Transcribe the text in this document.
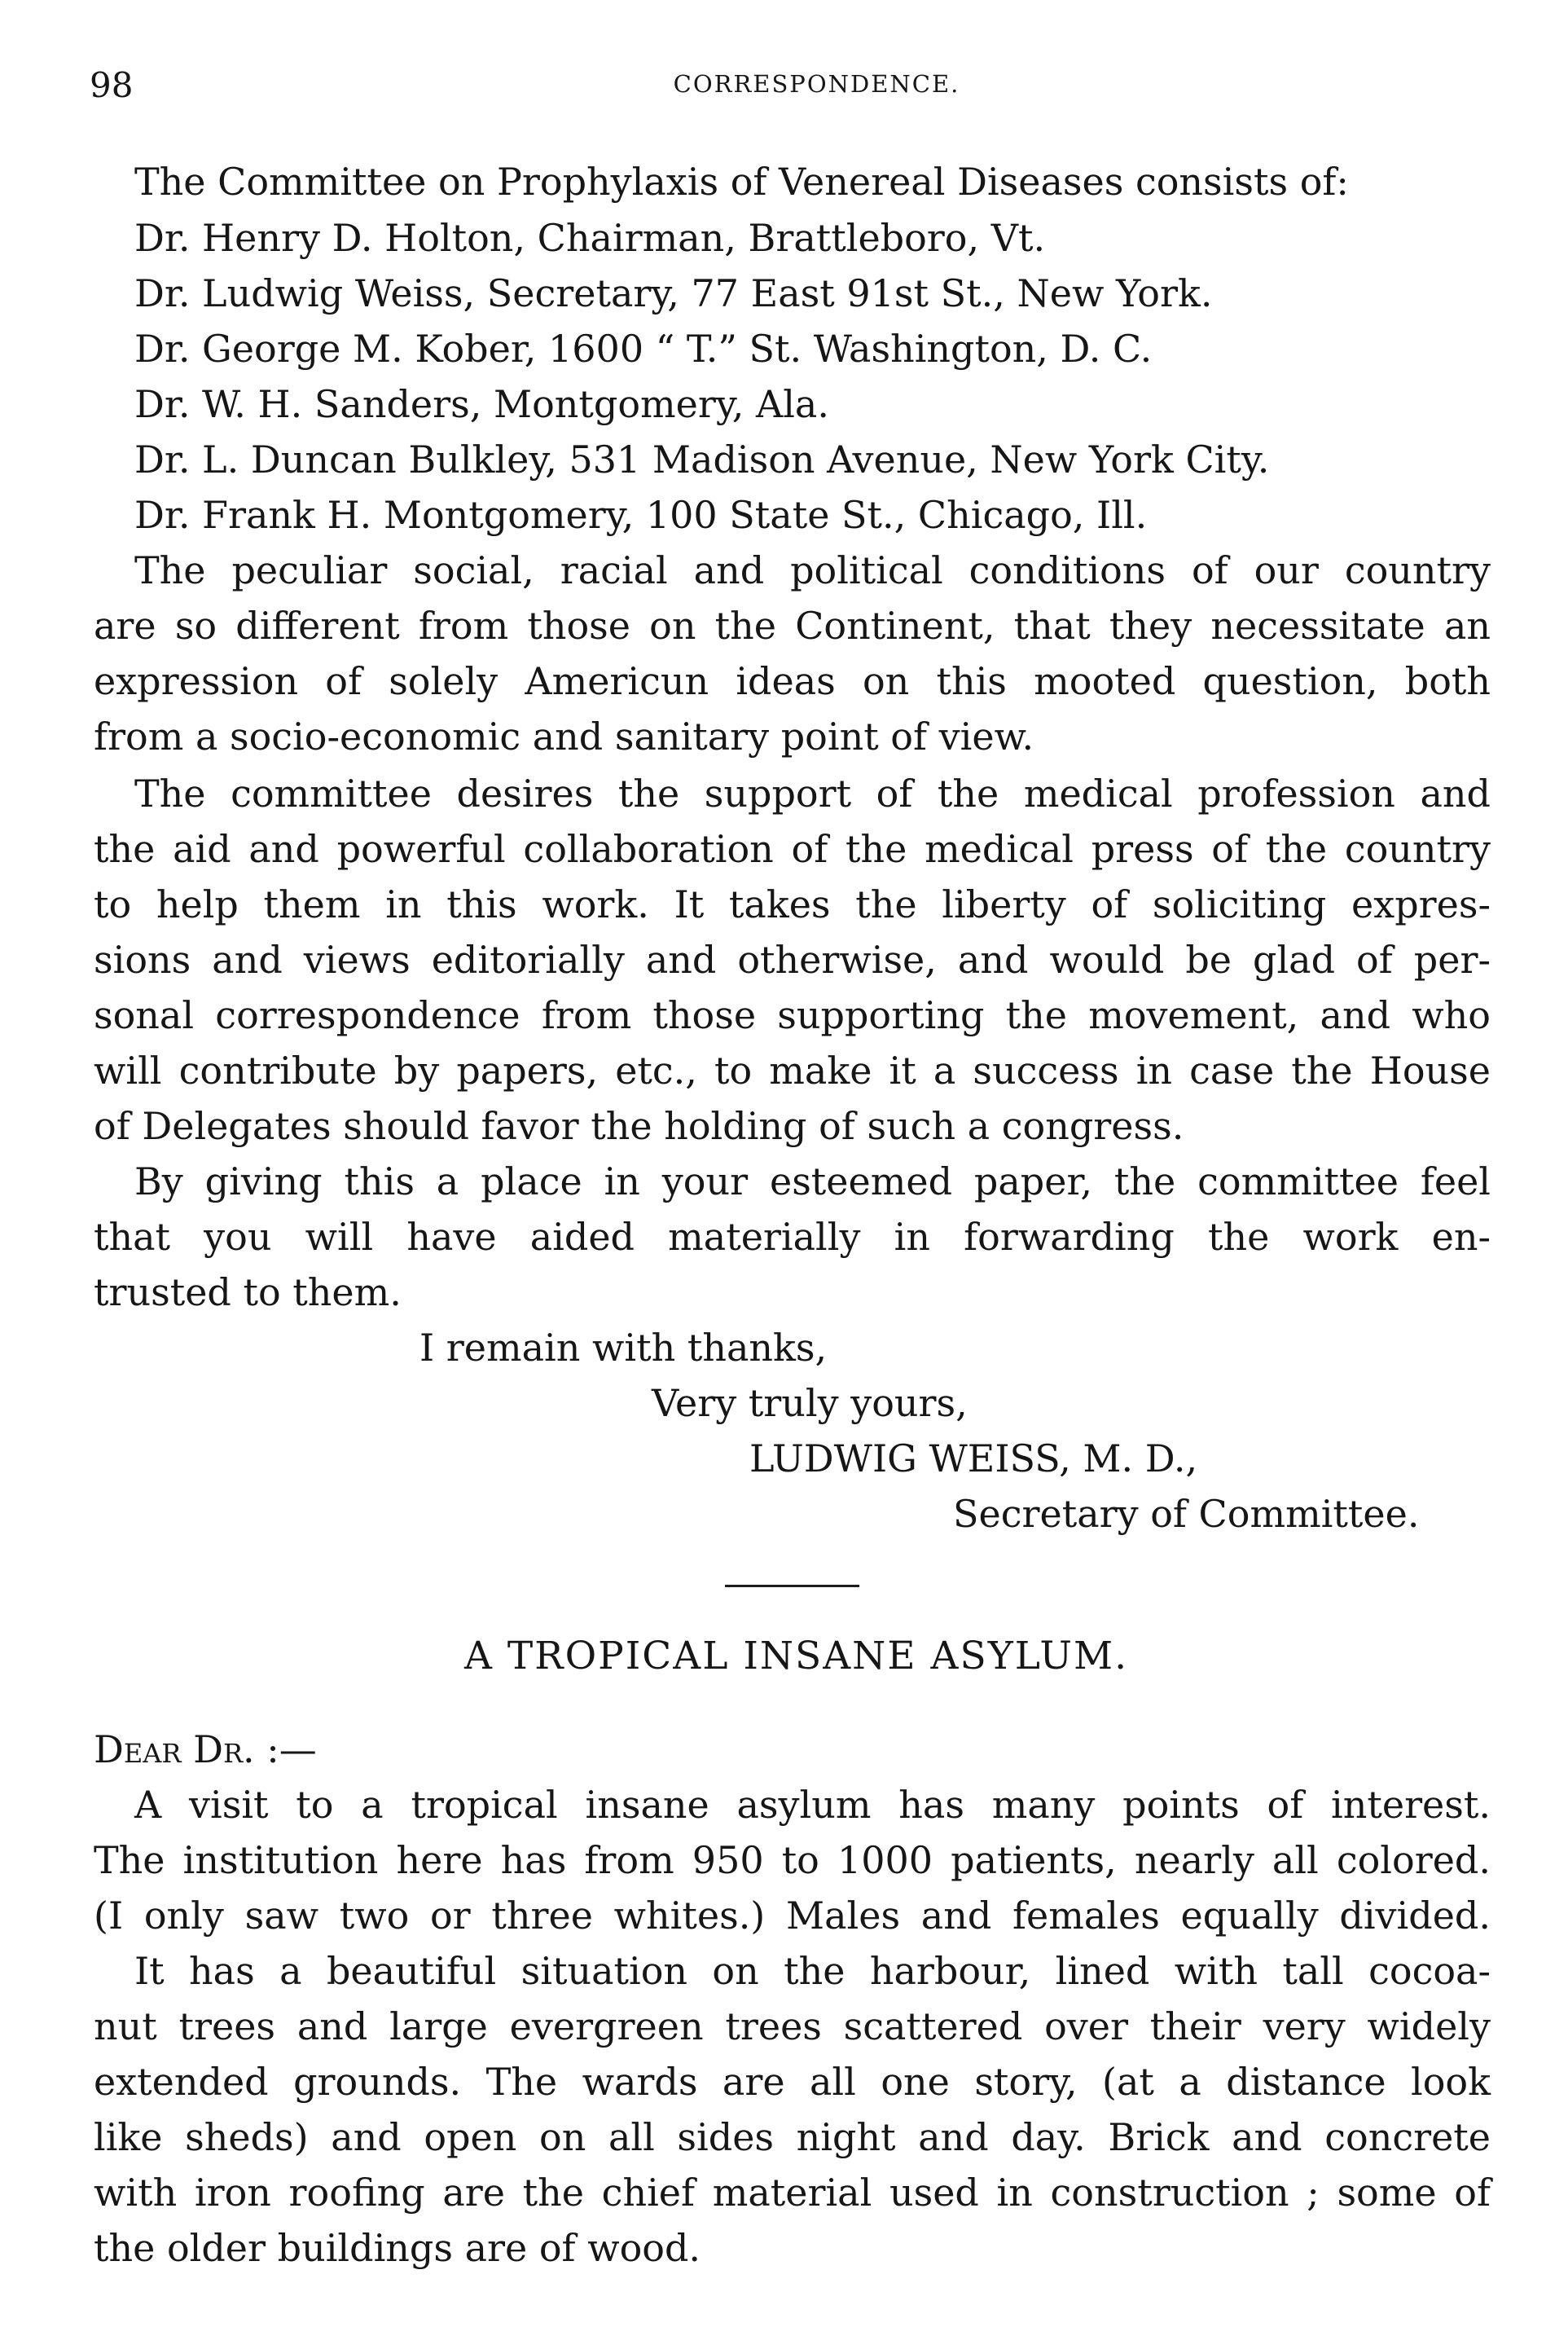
98	CORRESPONDENCE.

The Committee on Prophylaxis of Venereal Diseases consists of:

Dr. Henry D. Holton, Chairman, Brattleboro, Vt.

Dr. Ludwig Weiss, Secretary, 77 East 91st St., New York.

Dr. George M. Kober, 1600 “ T.” St. Washington, D. C.

Dr. W. H. Sanders, Montgomery, Ala.

Dr. L. Duncan Bulkley, 531 Madison Avenue, New York City.

Dr. Frank H. Montgomery, 100 State St., Chicago, Ill.

The peculiar social, racial and political conditions of our country

are so different from those on the Continent, that they necessitate an

expression of solely Americun ideas on this mooted question, both

from a socio-economic and sanitary point of view.

The committee desires the support of the medical profession and

the aid and powerful collaboration of the medical press of the country

to help them in this work. It takes the liberty of soliciting expres-

sions and views editorially and otherwise, and would be glad of per-

sonal correspondence from those supporting the movement, and who

will contribute by papers, etc., to make it a success in case the House

of Delegates should favor the holding of such a congress.

By giving this a place in your esteemed paper, the committee feel

that you will have aided materially in forwarding the work en-

trusted to them.

I remain with thanks,

Very truly yours,

LUDWIG WEISS, M. D.,

Secretary of Committee.

A TROPICAL INSANE ASYLUM.

Dear Dr. :—

A visit to a tropical insane asylum has many points of interest.

The institution here has from 950 to 1000 patients, nearly all colored.

(I only saw two or three whites.) Males and females equally divided.

It has a beautiful situation on the harbour, lined with tall cocoa-

nut trees and large evergreen trees scattered over their very widely

extended grounds. The wards are all one story, (at a distance look

like sheds) and open on all sides night and day. Brick and concrete

with iron roofing are the chief material used in construction ; some of

the older buildings are of wood.
